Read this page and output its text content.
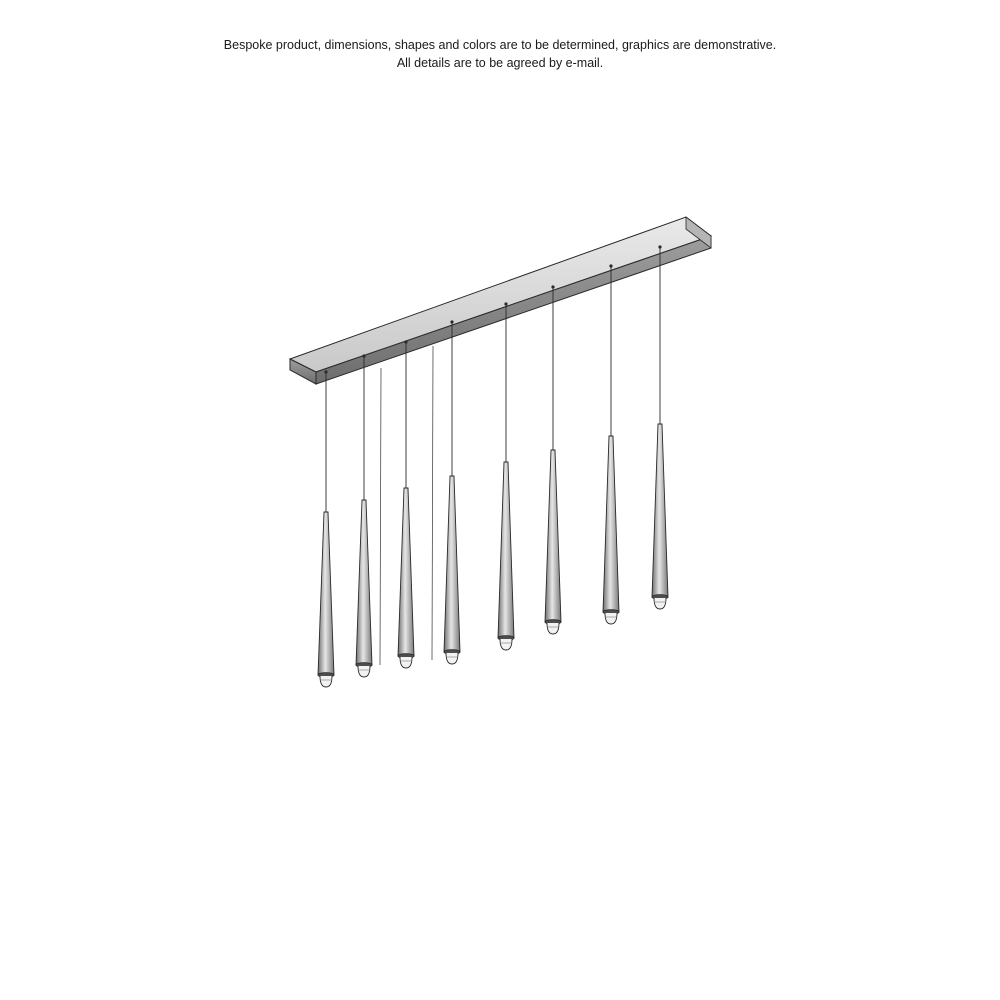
Bespoke product, dimensions, shapes and colors are to be determined, graphics are demonstrative.
All details are to be agreed by e-mail.
